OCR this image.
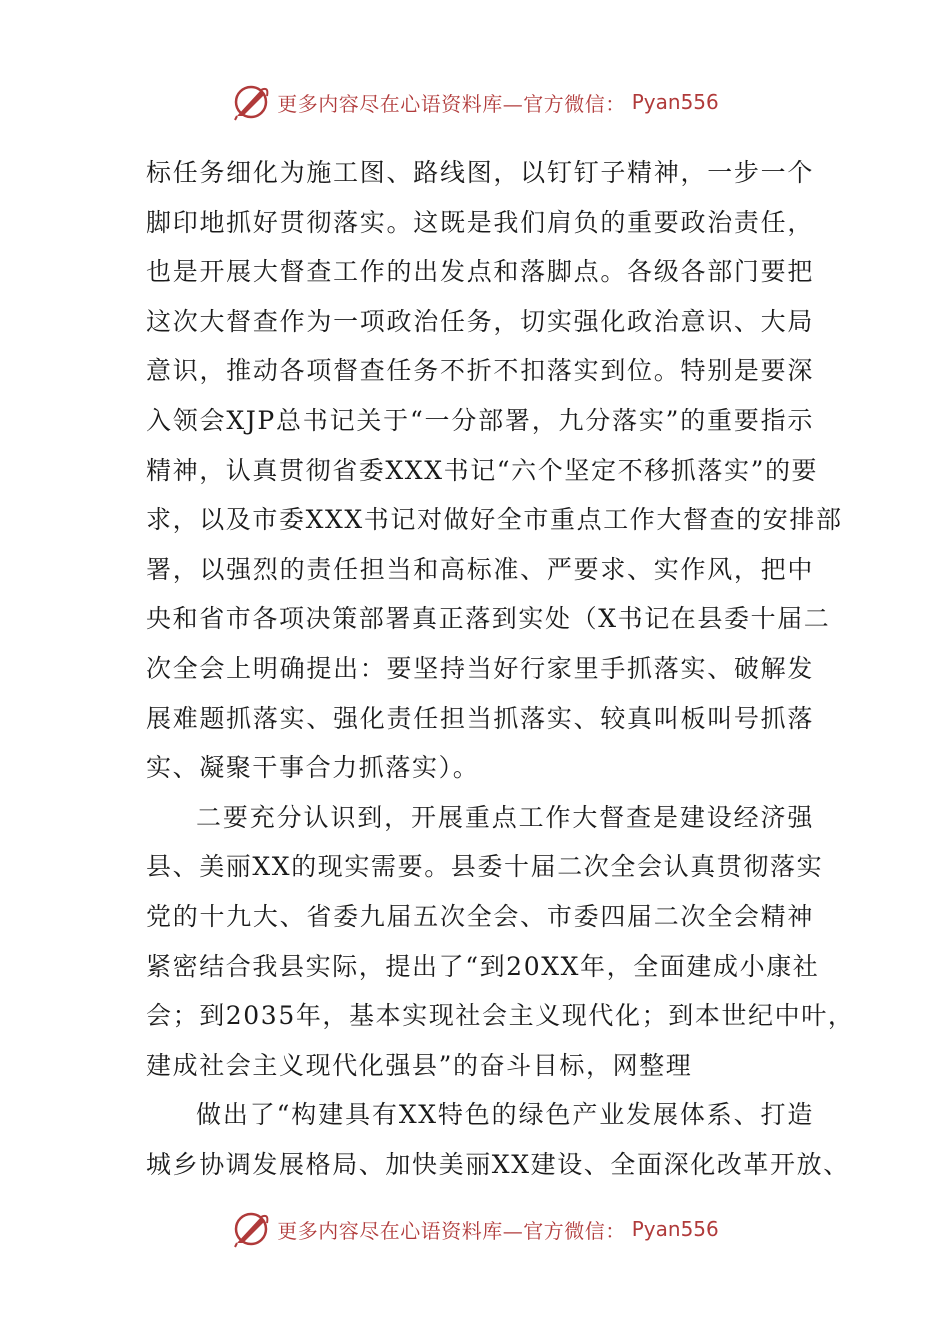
更多内容尽在心语资料库—官方微信： Pyan556
标任务细化为施工图、路线图，以钉钉子精神，一步一个
脚印地抓好贯彻落实。这既是我们肩负的重要政治责任，
也是开展大督查工作的出发点和落脚点。各级各部门要把
这次大督查作为一项政治任务，切实强化政治意识、大局
意识，推动各项督查任务不折不扣落实到位。特别是要深
入领会XJP总书记关于“一分部署，九分落实”的重要指示
精神，认真贯彻省委XXX书记“六个坚定不移抓落实”的要
求，以及市委XXX书记对做好全市重点工作大督查的安排部
署，以强烈的责任担当和高标准、严要求、实作风，把中
央和省市各项决策部署真正落到实处（X书记在县委十届二
次全会上明确提出：要坚持当好行家里手抓落实、破解发
展难题抓落实、强化责任担当抓落实、较真叫板叫号抓落
实、凝聚干事合力抓落实）。
二要充分认识到，开展重点工作大督查是建设经济强
县、美丽XX的现实需要。县委十届二次全会认真贯彻落实
党的十九大、省委九届五次全会、市委四届二次全会精神
紧密结合我县实际，提出了“到20XX年，全面建成小康社
会；到2035年，基本实现社会主义现代化；到本世纪中叶，
建成社会主义现代化强县”的奋斗目标，网整理
做出了“构建具有XX特色的绿色产业发展体系、打造
城乡协调发展格局、加快美丽XX建设、全面深化改革开放、
更多内容尽在心语资料库—官方微信： Pyan556
